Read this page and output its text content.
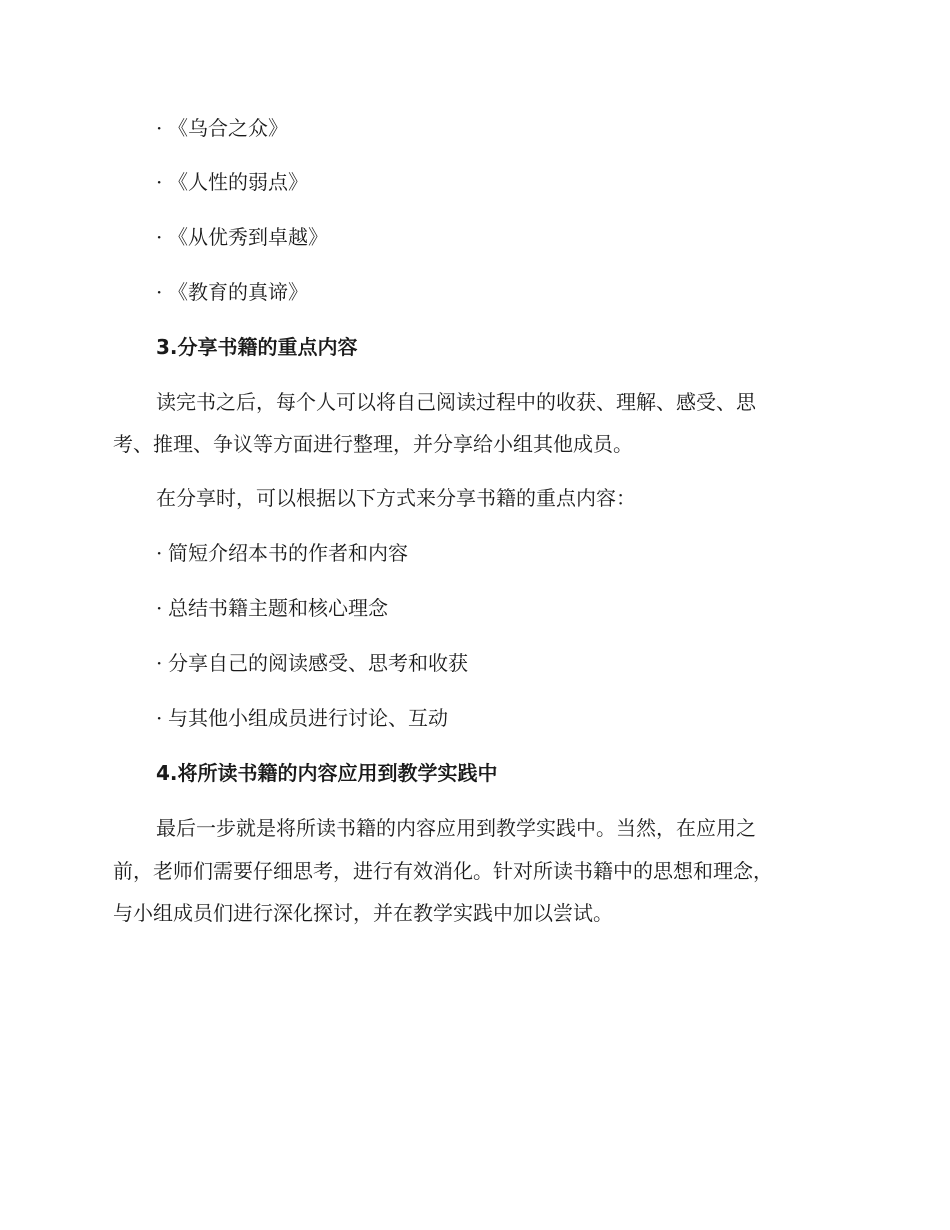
· 《乌合之众》
· 《人性的弱点》
· 《从优秀到卓越》
· 《教育的真谛》
3.分享书籍的重点内容
读完书之后，每个人可以将自己阅读过程中的收获、理解、感受、思
考、推理、争议等方面进行整理，并分享给小组其他成员。
在分享时，可以根据以下方式来分享书籍的重点内容：
· 简短介绍本书的作者和内容
· 总结书籍主题和核心理念
· 分享自己的阅读感受、思考和收获
· 与其他小组成员进行讨论、互动
4.将所读书籍的内容应用到教学实践中
最后一步就是将所读书籍的内容应用到教学实践中。当然，在应用之
前，老师们需要仔细思考，进行有效消化。针对所读书籍中的思想和理念，
与小组成员们进行深化探讨，并在教学实践中加以尝试。
